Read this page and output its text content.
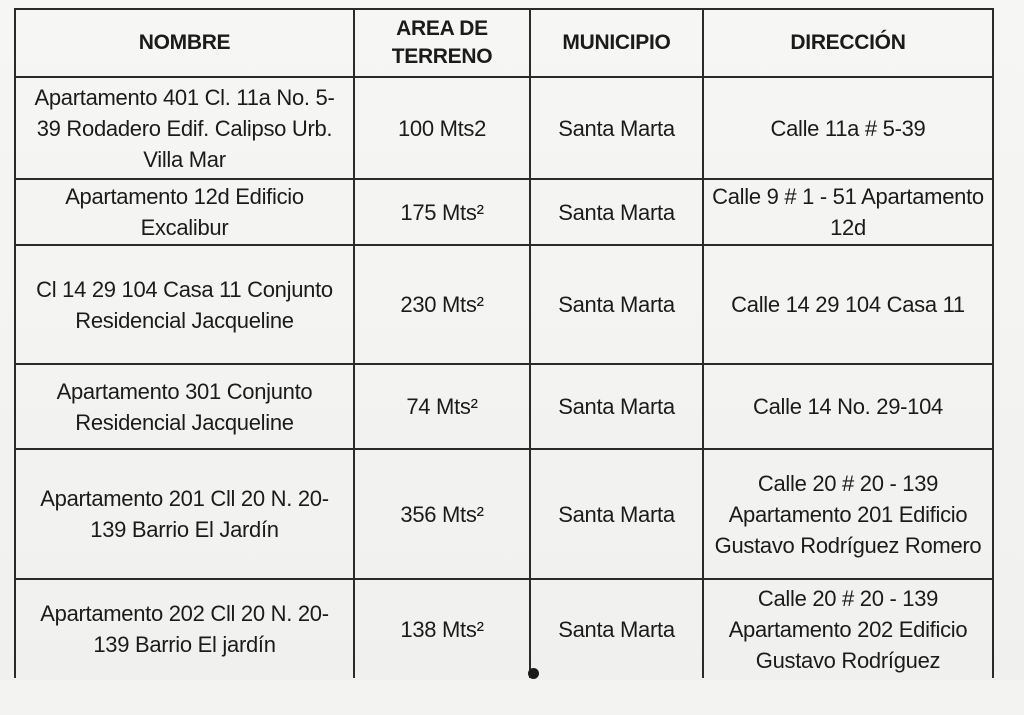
NOMBRE	AREA DE TERRENO	MUNICIPIO	DIRECCIÓN
Apartamento 401 Cl. 11a No. 5-39 Rodadero Edif. Calipso Urb. Villa Mar	100 Mts2	Santa Marta	Calle 11a # 5-39
Apartamento 12d Edificio Excalibur	175 Mts²	Santa Marta	Calle 9 # 1 - 51 Apartamento 12d
Cl 14 29 104 Casa 11 Conjunto Residencial Jacqueline	230 Mts²	Santa Marta	Calle 14 29 104 Casa 11
Apartamento 301 Conjunto Residencial Jacqueline	74 Mts²	Santa Marta	Calle 14 No. 29-104
Apartamento 201 Cll 20 N. 20-139 Barrio El Jardín	356 Mts²	Santa Marta	Calle 20 # 20 - 139 Apartamento 201 Edificio Gustavo Rodríguez Romero
Apartamento 202 Cll 20 N. 20-139 Barrio El jardín	138 Mts²	Santa Marta	Calle 20 # 20 - 139 Apartamento 202 Edificio Gustavo Rodríguez
